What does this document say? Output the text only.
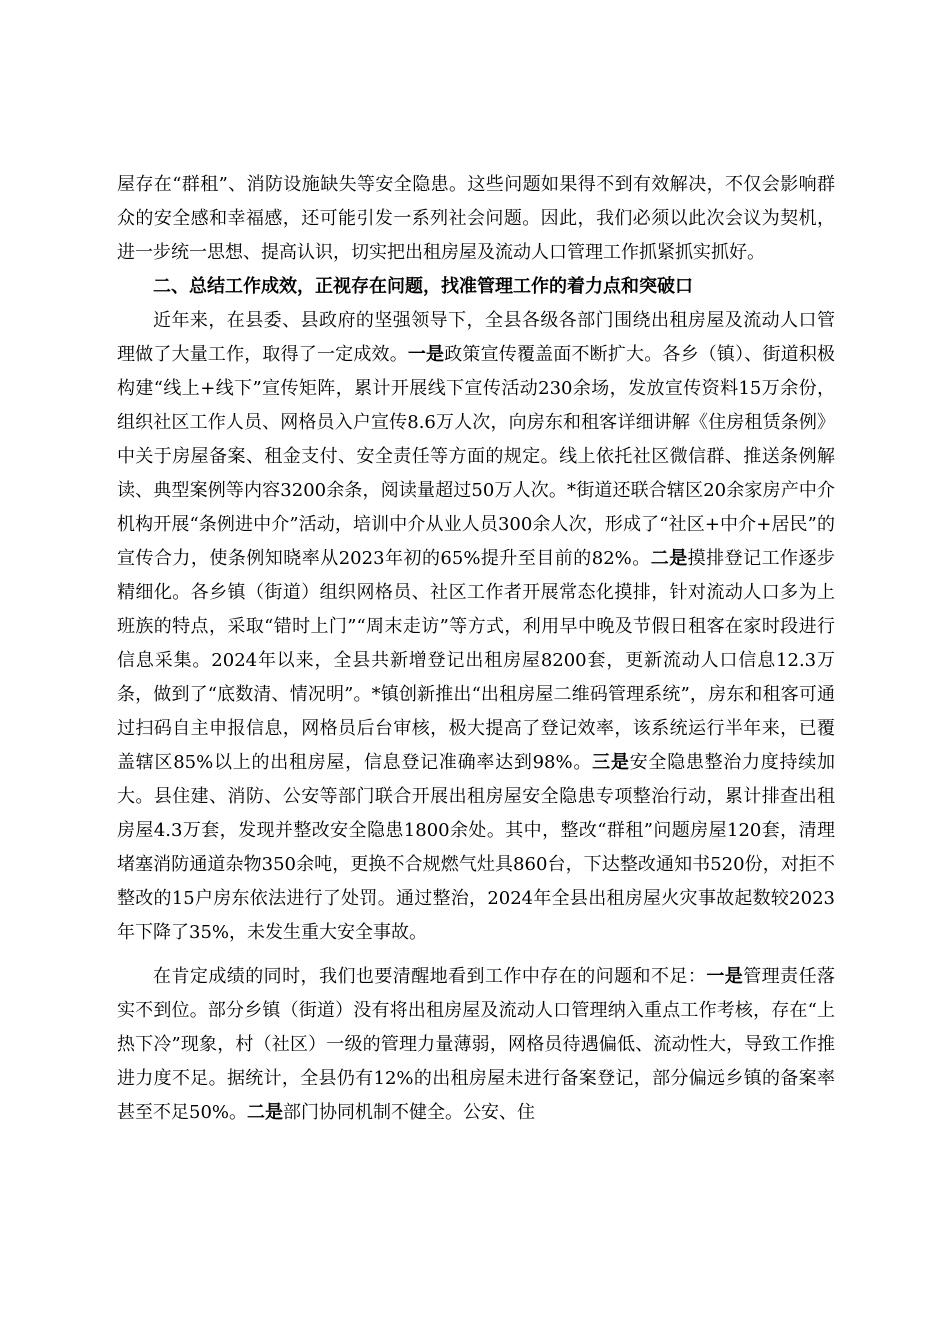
屋存在“群租”、消防设施缺失等安全隐患。这些问题如果得不到有效解决，不仅会影响群众的安全感和幸福感，还可能引发一系列社会问题。因此，我们必须以此次会议为契机，进一步统一思想、提高认识，切实把出租房屋及流动人口管理工作抓紧抓实抓好。

二、总结工作成效，正视存在问题，找准管理工作的着力点和突破口

近年来，在县委、县政府的坚强领导下，全县各级各部门围绕出租房屋及流动人口管理做了大量工作，取得了一定成效。一是政策宣传覆盖面不断扩大。各乡（镇）、街道积极构建“线上+线下”宣传矩阵，累计开展线下宣传活动230余场，发放宣传资料15万余份，组织社区工作人员、网格员入户宣传8.6万人次，向房东和租客详细讲解《住房租赁条例》中关于房屋备案、租金支付、安全责任等方面的规定。线上依托社区微信群、推送条例解读、典型案例等内容3200余条，阅读量超过50万人次。*街道还联合辖区20余家房产中介机构开展“条例进中介”活动，培训中介从业人员300余人次，形成了“社区+中介+居民”的宣传合力，使条例知晓率从2023年初的65%提升至目前的82%。二是摸排登记工作逐步精细化。各乡镇（街道）组织网格员、社区工作者开展常态化摸排，针对流动人口多为上班族的特点，采取“错时上门”“周末走访”等方式，利用早中晚及节假日租客在家时段进行信息采集。2024年以来，全县共新增登记出租房屋8200套，更新流动人口信息12.3万条，做到了“底数清、情况明”。*镇创新推出“出租房屋二维码管理系统”，房东和租客可通过扫码自主申报信息，网格员后台审核，极大提高了登记效率，该系统运行半年来，已覆盖辖区85%以上的出租房屋，信息登记准确率达到98%。三是安全隐患整治力度持续加大。县住建、消防、公安等部门联合开展出租房屋安全隐患专项整治行动，累计排查出租房屋4.3万套，发现并整改安全隐患1800余处。其中，整改“群租”问题房屋120套，清理堵塞消防通道杂物350余吨，更换不合规燃气灶具860台，下达整改通知书520份，对拒不整改的15户房东依法进行了处罚。通过整治，2024年全县出租房屋火灾事故起数较2023年下降了35%，未发生重大安全事故。

在肯定成绩的同时，我们也要清醒地看到工作中存在的问题和不足：一是管理责任落实不到位。部分乡镇（街道）没有将出租房屋及流动人口管理纳入重点工作考核，存在“上热下冷”现象，村（社区）一级的管理力量薄弱，网格员待遇偏低、流动性大，导致工作推进力度不足。据统计，全县仍有12%的出租房屋未进行备案登记，部分偏远乡镇的备案率甚至不足50%。二是部门协同机制不健全。公安、住
